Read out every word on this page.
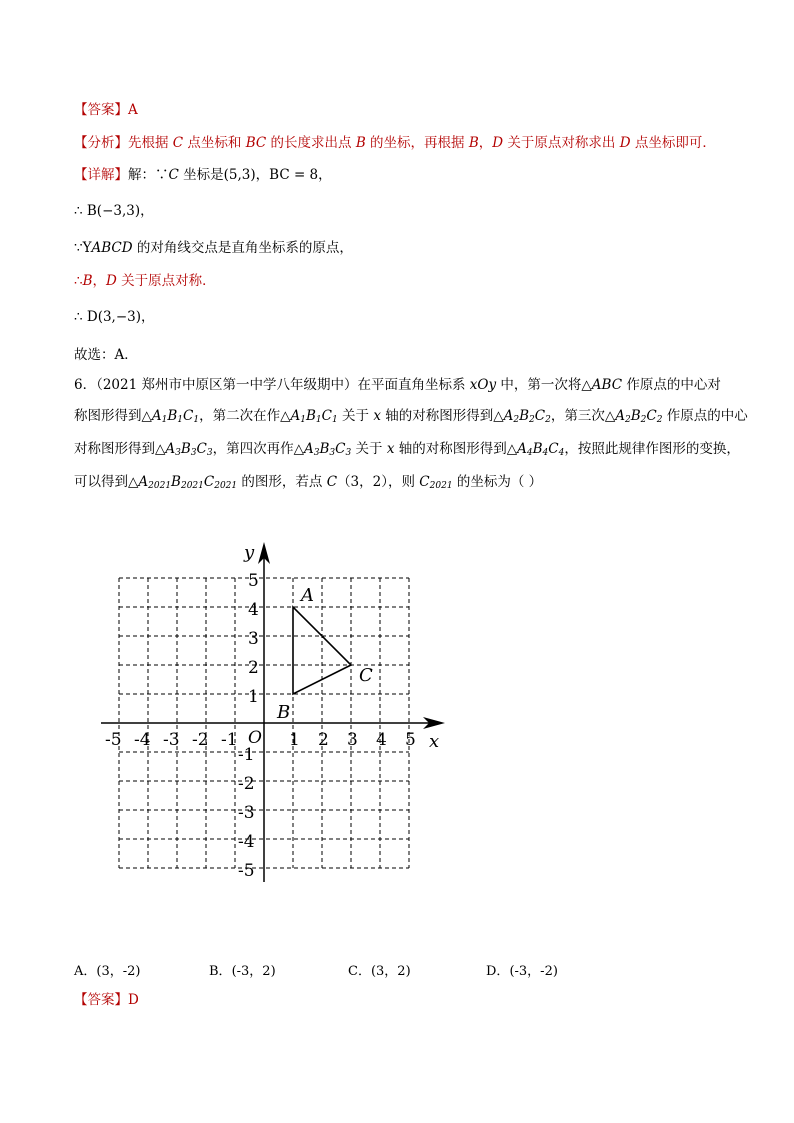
【答案】A
【分析】先根据 C 点坐标和 BC 的长度求出点 B 的坐标，再根据 B，D 关于原点对称求出 D 点坐标即可．
【详解】解：∵C 坐标是(5,3)，BC = 8，
∴ B(−3,3)，
∵YABCD 的对角线交点是直角坐标系的原点，
∴B，D 关于原点对称．
∴ D(3,−3)，
故选：A．
6．（2021 郑州市中原区第一中学八年级期中）在平面直角坐标系 xOy 中，第一次将△ABC 作原点的中心对
称图形得到$\triangle A_1B_1C_1$，第二次在作$\triangle A_1B_1C_1$ 关于 x 轴的对称图形得到$\triangle A_2B_2C_2$，第三次$\triangle A_2B_2C_2$ 作原点的中心
对称图形得到$\triangle A_3B_3C_3$，第四次再作$\triangle A_3B_3C_3$ 关于 x 轴的对称图形得到$\triangle A_4B_4C_4$，按照此规律作图形的变换，
可以得到$\triangle A_{2021}B_{2021}C_{2021}$ 的图形，若点 C（3，2），则 $C_{2021}$ 的坐标为（ ）
x
y
O
-5 -4 -3 -2 -1	1 2 3 4 5
5
4
3
2
1
-1
-2
-3
-4
-5
A
B
C
A．(3，-2)	B．(-3，2)	C．(3，2)	D．(-3，-2)
【答案】D
